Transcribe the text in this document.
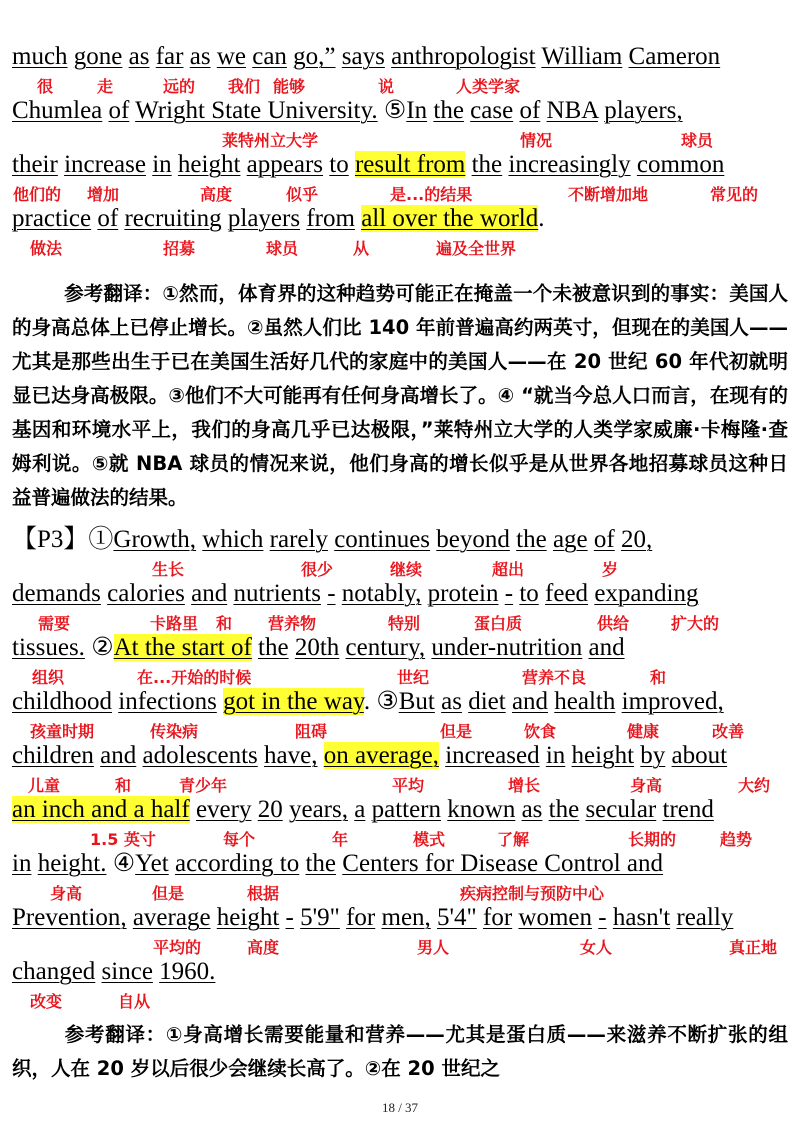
much gone as far as we can go,” says anthropologist William Cameron
Chumlea of Wright State University. ⑤In the case of NBA players,
their increase in height appears to result from the increasingly common
practice of recruiting players from all over the world.
【P3】①Growth, which rarely continues beyond the age of 20,
demands calories and nutrients - notably, protein - to feed expanding
tissues. ②At the start of the 20th century, under-nutrition and
childhood infections got in the way. ③But as diet and health improved,
children and adolescents have, on average, increased in height by about
an inch and a half every 20 years, a pattern known as the secular trend
in height. ④Yet according to the Centers for Disease Control and
Prevention, average height - 5'9" for men, 5'4" for women - hasn't really
changed since 1960.
很	走	远的 我们 能够	说	人类学家
莱特州立大学	情况	球员
他们的 增加	高度	似乎	是...的结果	不断增加地	常见的
做法	招募	球员	从	遍及全世界
生长	很少	继续	超出	岁
需要	卡路里 和 营养物	特别	蛋白质	供给	扩大的
组织	在...开始的时候	世纪	营养不良	和
孩童时期	传染病	阻碍	但是	饮食	健康	改善
儿童	和	青少年	平均	增长	身高	大约
1.5 英寸	每个	年	模式	了解	长期的	趋势
身高	但是	根据	疾病控制与预防中心
平均的	高度	男人	女人	真正地
改变	自从

参考翻译：①然而，体育界的这种趋势可能正在掩盖一个未被意识到的事实：美国人的身高总体上已停止增长。②虽然人们比 140 年前普遍高约两英寸，但现在的美国人——尤其是那些出生于已在美国生活好几代的家庭中的美国人——在 20 世纪 60 年代初就明显已达身高极限。③他们不大可能再有任何身高增长了。④ “就当今总人口而言，在现有的基因和环境水平上，我们的身高几乎已达极限，”莱特州立大学的人类学家威廉·卡梅隆·查姆利说。⑤就 NBA 球员的情况来说，他们身高的增长似乎是从世界各地招募球员这种日益普遍做法的结果。

参考翻译：①身高增长需要能量和营养——尤其是蛋白质——来滋养不断扩张的组织，人在 20 岁以后很少会继续长高了。②在 20 世纪之

18 / 37
